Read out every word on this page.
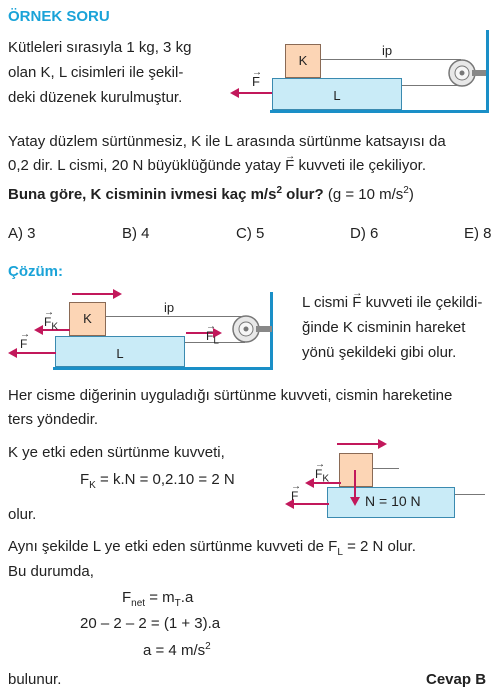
ÖRNEK SORU
Kütleleri sırasıyla 1 kg, 3 kg
olan K, L cisimleri ile şekil-
deki düzenek kurulmuştur.
K
L
ip
→ F
Yatay düzlem sürtünmesiz, K ile L arasında sürtünme katsayısı da
0,2 dir. L cismi, 20 N büyüklüğünde yatay → F kuvveti ile çekiliyor.
Buna göre, K cisminin ivmesi kaç $m/s^2$ olur? (g = 10 $m/s^2$)
A) 3	B) 4	C) 5	D) 6	E) 8
Çözüm:
K
L
ip
→ $F_L$
→ $F_K$
→ F
L cismi → F kuvveti ile çekildi-
ğinde K cisminin hareket
yönü şekildeki gibi olur.
Her cisme diğerinin uyguladığı sürtünme kuvveti, cismin hareketine
ters yöndedir.
K ye etki eden sürtünme kuvveti,
$F_K = k.N = 0,2.10 = 2$ N
olur.
N = 10 N
→ $F_K$
→ F
Aynı şekilde L ye etki eden sürtünme kuvveti de $F_L = 2$ N olur.
Bu durumda,
$F_{net} = m_T.a$
20 – 2 – 2 = (1 + 3).a
a = 4 $m/s^2$
bulunur.	Cevap B
